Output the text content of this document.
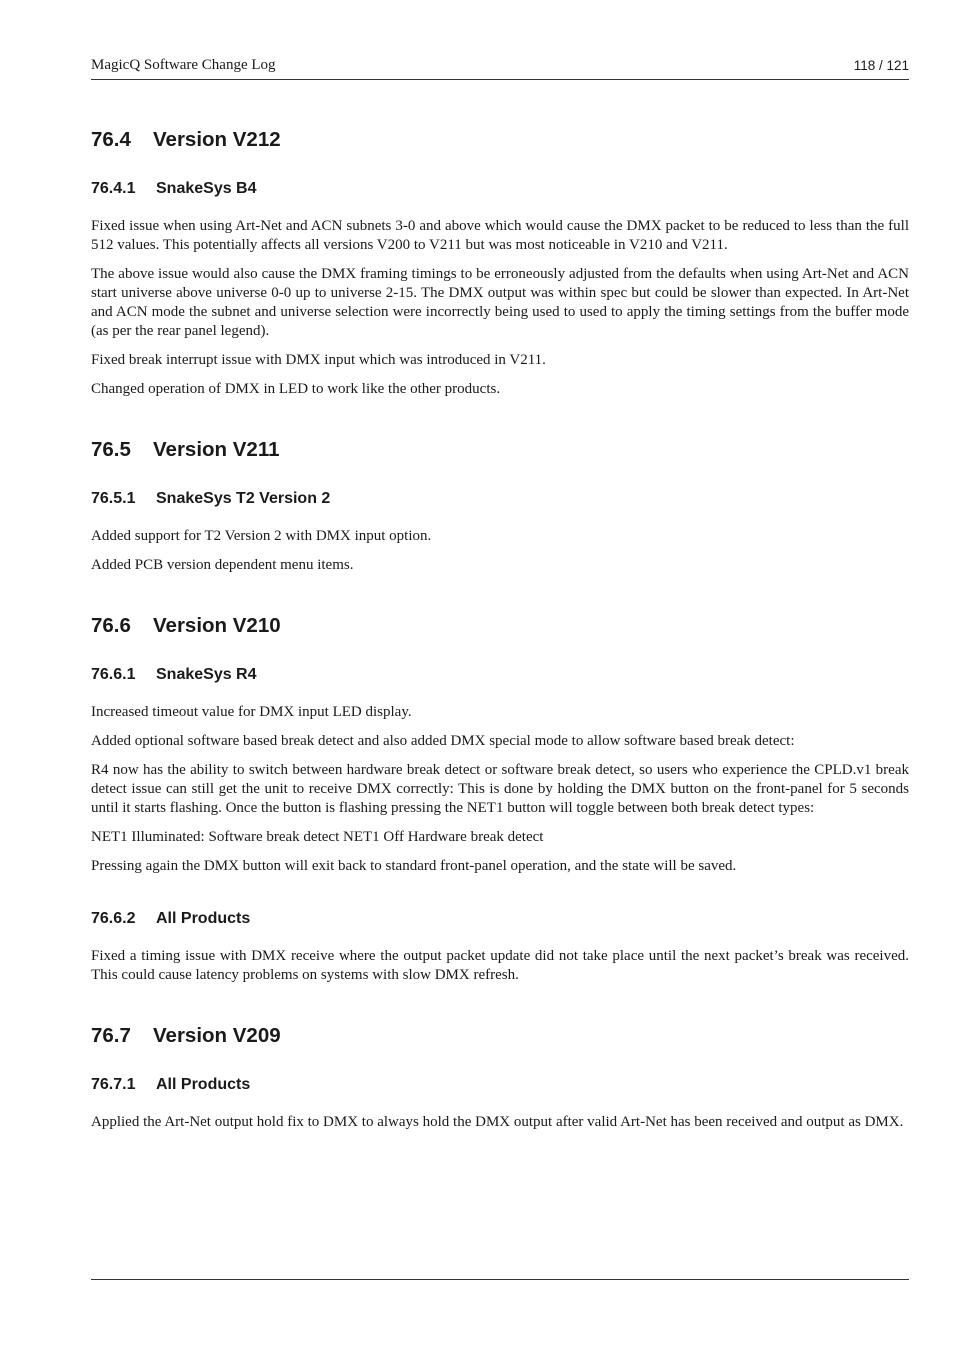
MagicQ Software Change Log	118 / 121
76.4 Version V212
76.4.1 SnakeSys B4

Fixed issue when using Art-Net and ACN subnets 3-0 and above which would cause the DMX packet to be reduced to less than the full 512 values. This potentially affects all versions V200 to V211 but was most noticeable in V210 and V211.

The above issue would also cause the DMX framing timings to be erroneously adjusted from the defaults when using Art-Net and ACN start universe above universe 0-0 up to universe 2-15. The DMX output was within spec but could be slower than expected. In Art-Net and ACN mode the subnet and universe selection were incorrectly being used to used to apply the timing settings from the buffer mode (as per the rear panel legend).

Fixed break interrupt issue with DMX input which was introduced in V211.

Changed operation of DMX in LED to work like the other products.

76.5 Version V211
76.5.1 SnakeSys T2 Version 2

Added support for T2 Version 2 with DMX input option.

Added PCB version dependent menu items.

76.6 Version V210
76.6.1 SnakeSys R4

Increased timeout value for DMX input LED display.

Added optional software based break detect and also added DMX special mode to allow software based break detect:

R4 now has the ability to switch between hardware break detect or software break detect, so users who experience the CPLD.v1 break detect issue can still get the unit to receive DMX correctly: This is done by holding the DMX button on the front-panel for 5 seconds until it starts flashing. Once the button is flashing pressing the NET1 button will toggle between both break detect types:

NET1 Illuminated: Software break detect NET1 Off Hardware break detect

Pressing again the DMX button will exit back to standard front-panel operation, and the state will be saved.

76.6.2 All Products

Fixed a timing issue with DMX receive where the output packet update did not take place until the next packet’s break was received. This could cause latency problems on systems with slow DMX refresh.

76.7 Version V209
76.7.1 All Products

Applied the Art-Net output hold fix to DMX to always hold the DMX output after valid Art-Net has been received and output as DMX.
